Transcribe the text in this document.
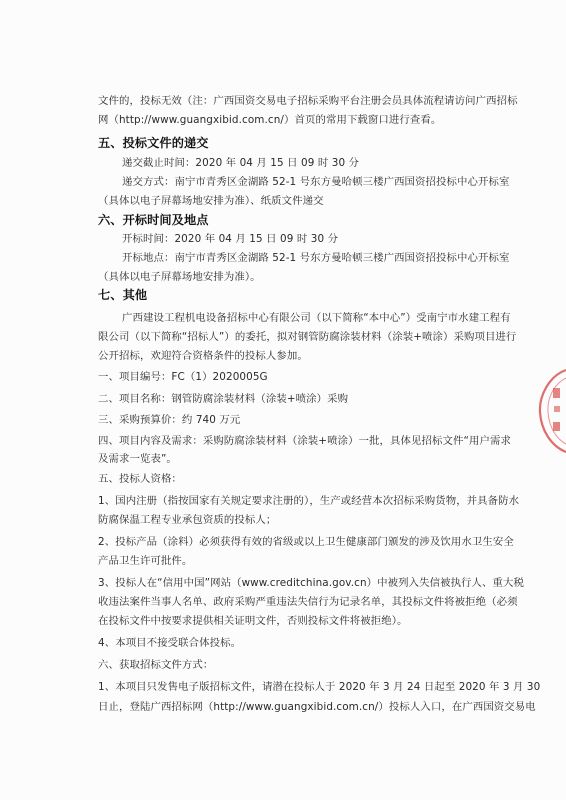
文件的，投标无效（注：广西国资交易电子招标采购平台注册会员具体流程请访问广西招标
网（http://www.guangxibid.com.cn/）首页的常用下载窗口进行查看。
五、投标文件的递交
递交截止时间：2020 年 04 月 15 日 09 时 30 分
递交方式：南宁市青秀区金湖路 52-1 号东方曼哈顿三楼广西国资招投标中心开标室
（具体以电子屏幕场地安排为准）、纸质文件递交
六、开标时间及地点
开标时间：2020 年 04 月 15 日 09 时 30 分
开标地点：南宁市青秀区金湖路 52-1 号东方曼哈顿三楼广西国资招投标中心开标室
（具体以电子屏幕场地安排为准）。
七、其他
广西建设工程机电设备招标中心有限公司（以下简称“本中心”）受南宁市水建工程有
限公司（以下简称“招标人”）的委托，拟对钢管防腐涂装材料（涂装+喷涂）采购项目进行
公开招标，欢迎符合资格条件的投标人参加。
一、项目编号：FC（1）2020005G
二、项目名称：钢管防腐涂装材料（涂装+喷涂）采购
三、采购预算价：约 740 万元
四、项目内容及需求：采购防腐涂装材料（涂装+喷涂）一批，具体见招标文件“用户需求
及需求一览表”。
五、投标人资格：
1、国内注册（指按国家有关规定要求注册的），生产或经营本次招标采购货物，并具备防水
防腐保温工程专业承包资质的投标人；
2、投标产品（涂料）必须获得有效的省级或以上卫生健康部门颁发的涉及饮用水卫生安全
产品卫生许可批件。
3、投标人在“信用中国”网站（www.creditchina.gov.cn）中被列入失信被执行人、重大税
收违法案件当事人名单、政府采购严重违法失信行为记录名单，其投标文件将被拒绝（必须
在投标文件中按要求提供相关证明文件，否则投标文件将被拒绝）。
4、本项目不接受联合体投标。
六、获取招标文件方式：
1、本项目只发售电子版招标文件，请潜在投标人于 2020 年 3 月 24 日起至 2020 年 3 月 30
日止，登陆广西招标网（http://www.guangxibid.com.cn/）投标人入口，在广西国资交易电
